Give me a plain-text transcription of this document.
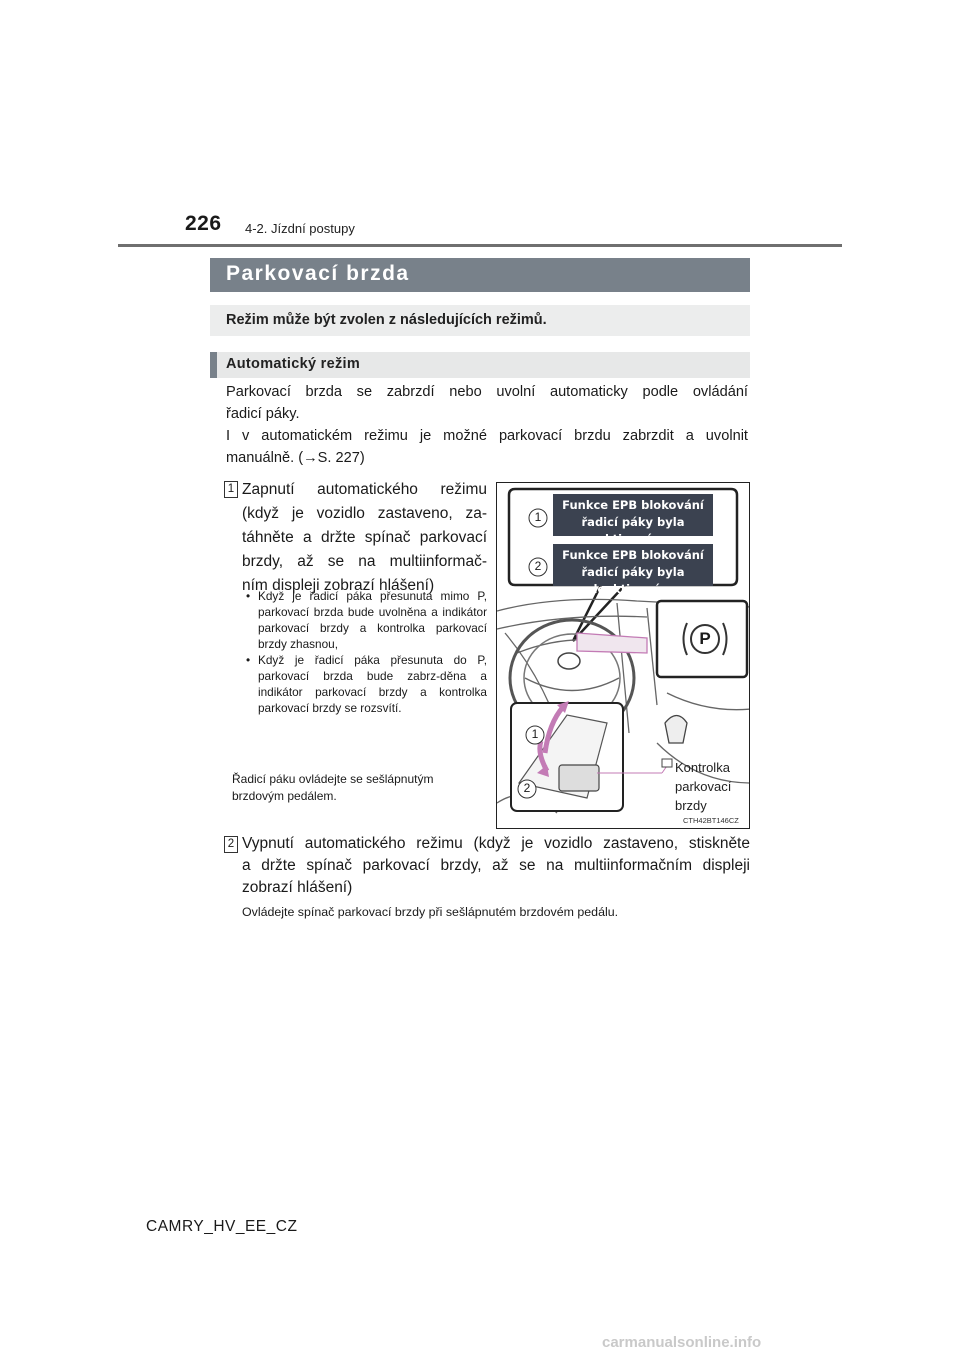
226 4-2. Jízdní postupy
Parkovací brzda
Režim může být zvolen z následujících režimů.
Automatický režim
Parkovací brzda se zabrzdí nebo uvolní automaticky podle ovládání
řadicí páky.
I v automatickém režimu je možné parkovací brzdu zabrzdit a uvolnit
manuálně. (→S. 227)
1 Zapnutí automatického režimu
(když je vozidlo zastaveno, za-
táhněte a držte spínač parkovací
brzdy, až se na multiinformač-
ním displeji zobrazí hlášení)
• Když je řadicí páka přesunuta mimo P, parkovací brzda bude uvolněna a indikátor parkovací brzdy a kontrolka parkovací brzdy zhasnou,
• Když je řadicí páka přesunuta do P, parkovací brzda bude zabrz-děna a indikátor parkovací brzdy a kontrolka parkovací brzdy se rozsvítí.
Řadicí páku ovládejte se sešlápnutým
brzdovým pedálem.
Funkce EPB blokování
řadicí páky byla aktivována
Funkce EPB blokování
řadicí páky byla deaktivována
1
2
P
1
2
Kontrolka
parkovací
brzdy
CTH42BT146CZ
2 Vypnutí automatického režimu (když je vozidlo zastaveno, stiskněte
a držte spínač parkovací brzdy, až se na multiinformačním displeji
zobrazí hlášení)
Ovládejte spínač parkovací brzdy při sešlápnutém brzdovém pedálu.
CAMRY_HV_EE_CZ
carmanualsonline.info
